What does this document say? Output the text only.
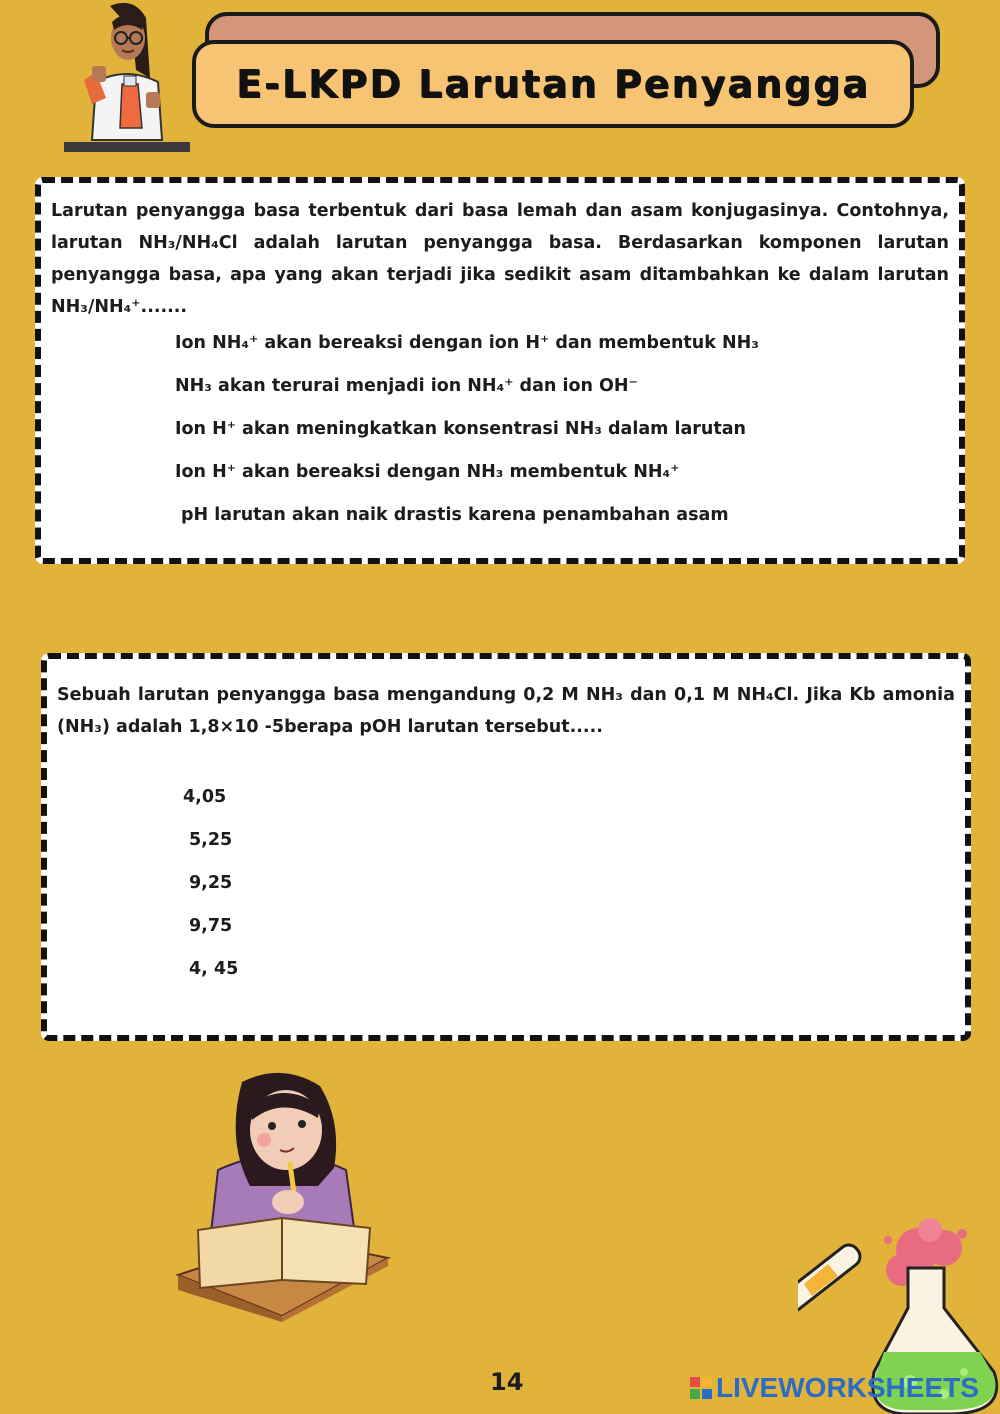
E-LKPD Larutan Penyangga
Larutan penyangga basa terbentuk dari basa lemah dan asam konjugasinya. Contohnya, larutan NH₃/NH₄Cl adalah larutan penyangga basa. Berdasarkan komponen larutan penyangga basa, apa yang akan terjadi jika sedikit asam ditambahkan ke dalam larutan NH₃/NH₄⁺.......
Ion NH₄⁺ akan bereaksi dengan ion H⁺ dan membentuk NH₃
NH₃ akan terurai menjadi ion NH₄⁺ dan ion OH⁻
Ion H⁺ akan meningkatkan konsentrasi NH₃ dalam larutan
Ion H⁺ akan bereaksi dengan NH₃ membentuk NH₄⁺
pH larutan akan naik drastis karena penambahan asam
Sebuah larutan penyangga basa mengandung 0,2 M NH₃ dan 0,1 M NH₄Cl. Jika Kb amonia (NH₃) adalah 1,8×10 -5berapa pOH larutan tersebut.....
4,05
5,25
9,25
9,75
4, 45
14	LIVEWORKSHEETS
